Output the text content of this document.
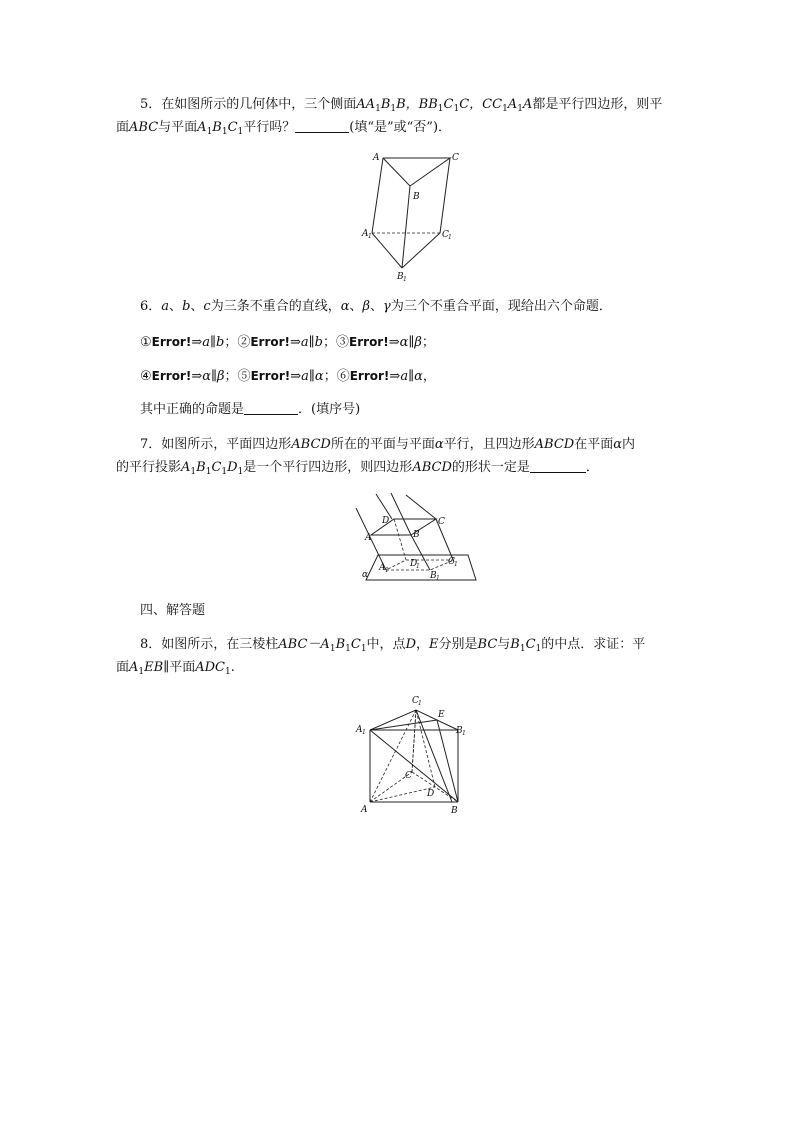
5．在如图所示的几何体中，三个侧面$AA_1B_1B$，$BB_1C_1C$，$CC_1A_1A$都是平行四边形，则平
面ABC与平面$A_1B_1C_1$平行吗？	(填“是”或“否”)．
A	C
B
A 1	C 1
B 1
6．a、b、c为三条不重合的直线，α、β、γ为三个不重合平面，现给出六个命题．
①Error!⇒a∥b；②Error!⇒a∥b；③Error!⇒α∥β；
④Error!⇒α∥β；⑤Error!⇒a∥α；⑥Error!⇒a∥α，
其中正确的命题是	．(填序号)
7．如图所示，平面四边形ABCD所在的平面与平面α平行，且四边形ABCD在平面α内
的平行投影$A_1B_1C_1D_1$是一个平行四边形，则四边形ABCD的形状一定是	．
D	C
A	B
D
1	C 1
A 1
B 1
α
四、解答题
8．如图所示，在三棱柱$ABC-A_1B_1C_1$中，点D，E分别是BC与$B_1C_1$的中点．求证：平
面$A_1EB\parallel$平面$ADC_1$.
C 1
E
A 1	B 1
C
D
A	B
